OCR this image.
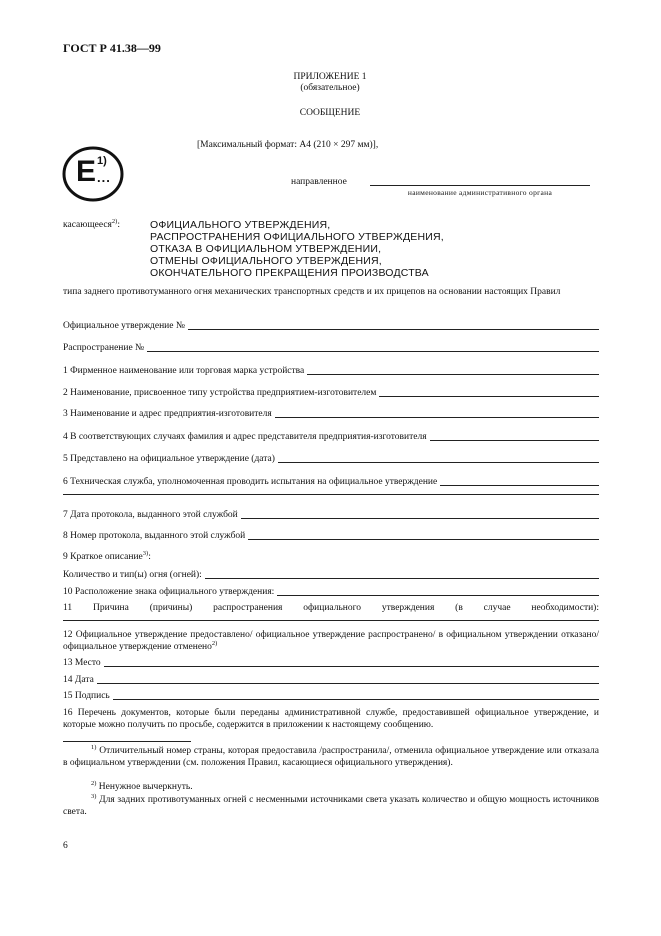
ГОСТ Р 41.38—99
ПРИЛОЖЕНИЕ 1
(обязательное)
СООБЩЕНИЕ
[Максимальный формат: А4 (210 × 297 мм)],
E 1)
...	направленное
наименование административного органа
касающееся$^{2)}$:	ОФИЦИАЛЬНОГО УТВЕРЖДЕНИЯ,
РАСПРОСТРАНЕНИЯ ОФИЦИАЛЬНОГО УТВЕРЖДЕНИЯ,
ОТКАЗА В ОФИЦИАЛЬНОМ УТВЕРЖДЕНИИ,
ОТМЕНЫ ОФИЦИАЛЬНОГО УТВЕРЖДЕНИЯ,
ОКОНЧАТЕЛЬНОГО ПРЕКРАЩЕНИЯ ПРОИЗВОДСТВА
типа заднего противотуманного огня механических транспортных средств и их прицепов на основании настоящих Правил
Официальное утверждение №
Распространение №
1 Фирменное наименование или торговая марка устройства
2 Наименование, присвоенное типу устройства предприятием-изготовителем
3 Наименование и адрес предприятия-изготовителя
4 В соответствующих случаях фамилия и адрес представителя предприятия-изготовителя
5 Представлено на официальное утверждение (дата)
6 Техническая служба, уполномоченная проводить испытания на официальное утверждение
7 Дата протокола, выданного этой службой
8 Номер протокола, выданного этой службой
9 Краткое описание$^{3)}$:
Количество и тип(ы) огня (огней):
10 Расположение знака официального утверждения:
11 Причина (причины) распространения официального утверждения (в случае необходимости):
12 Официальное утверждение предоставлено/ официальное утверждение распространено/ в официальном утверждении отказано/ официальное утверждение отменено$^{2)}$
13 Место
14 Дата
15 Подпись
16 Перечень документов, которые были переданы административной службе, предоставившей официальное утверждение, и которые можно получить по просьбе, содержится в приложении к настоящему сообщению.
$^{1)}$ Отличительный номер страны, которая предоставила /распространила/, отменила официальное утверждение или отказала в официальном утверждении (см. положения Правил, касающиеся официального утверждения).
$^{2)}$ Ненужное вычеркнуть.
$^{3)}$ Для задних противотуманных огней с несменными источниками света указать количество и общую мощность источников света.
6
